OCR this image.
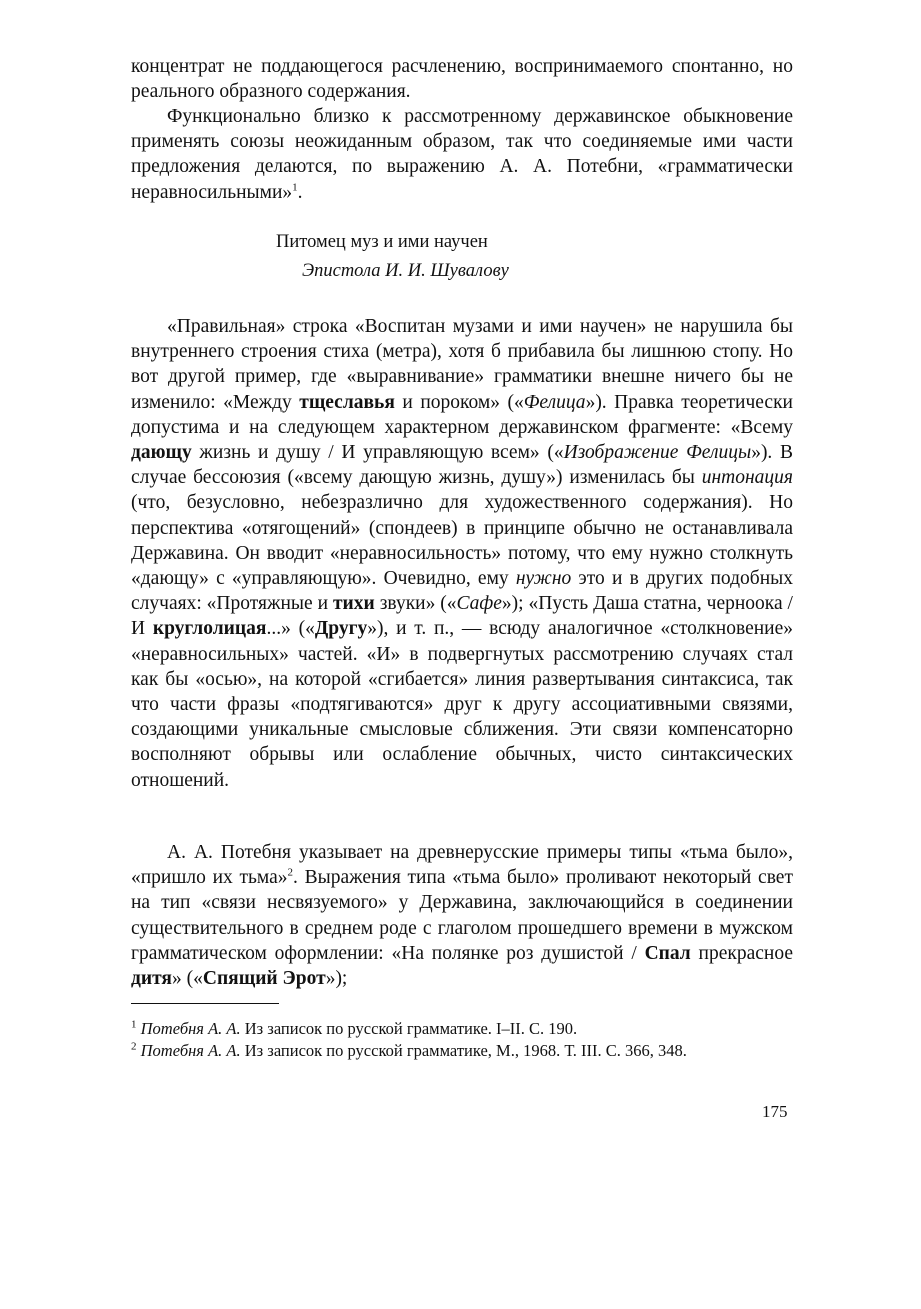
концентрат не поддающегося расчленению, воспринимаемого спонтанно, но реального образного содержания.

Функционально близко к рассмотренному державинское обыкновение применять союзы неожиданным образом, так что соединяемые ими части предложения делаются, по выражению А. А. Потебни, «грамматически неравносильными»$^1$.

Питомец муз и ими научен
Эпистола И. И. Шувалову

«Правильная» строка «Воспитан музами и ими научен» не нарушила бы внутреннего строения стиха (метра), хотя б прибавила бы лишнюю стопу. Но вот другой пример, где «выравнивание» грамматики внешне ничего бы не изменило: «Между тщеславья и пороком» («Фелица»). Правка теоретически допустима и на следующем характерном державинском фрагменте: «Всему дающу жизнь и душу / И управляющую всем» («Изображение Фелицы»). В случае бессоюзия («всему дающую жизнь, душу») изменилась бы интонация (что, безусловно, небезразлично для художественного содержания). Но перспектива «отягощений» (спондеев) в принципе обычно не останавливала Державина. Он вводит «неравносильность» потому, что ему нужно столкнуть «дающу» с «управляющую». Очевидно, ему нужно это и в других подобных случаях: «Протяжные и тихи звуки» («Сафе»); «Пусть Даша статна, черноока / И круглолицая...» («Другу»), и т. п., — всюду аналогичное «столкновение» «неравносильных» частей. «И» в подвергнутых рассмотрению случаях стал как бы «осью», на которой «сгибается» линия развертывания синтаксиса, так что части фразы «подтягиваются» друг к другу ассоциативными связями, создающими уникальные смысловые сближения. Эти связи компенсаторно восполняют обрывы или ослабление обычных, чисто синтаксических отношений.

А. А. Потебня указывает на древнерусские примеры типы «тьма было», «пришло их тьма»$^2$. Выражения типа «тьма было» проливают некоторый свет на тип «связи несвязуемого» у Державина, заключающийся в соединении существительного в среднем роде с глаголом прошедшего времени в мужском грамматическом оформлении: «На полянке роз душистой / Спал прекрасное дитя» («Спящий Эрот»);

$^1$ Потебня А. А. Из записок по русской грамматике. I–II. С. 190.

$^2$ Потебня А. А. Из записок по русской грамматике, М., 1968. Т. III. С. 366, 348.

175
